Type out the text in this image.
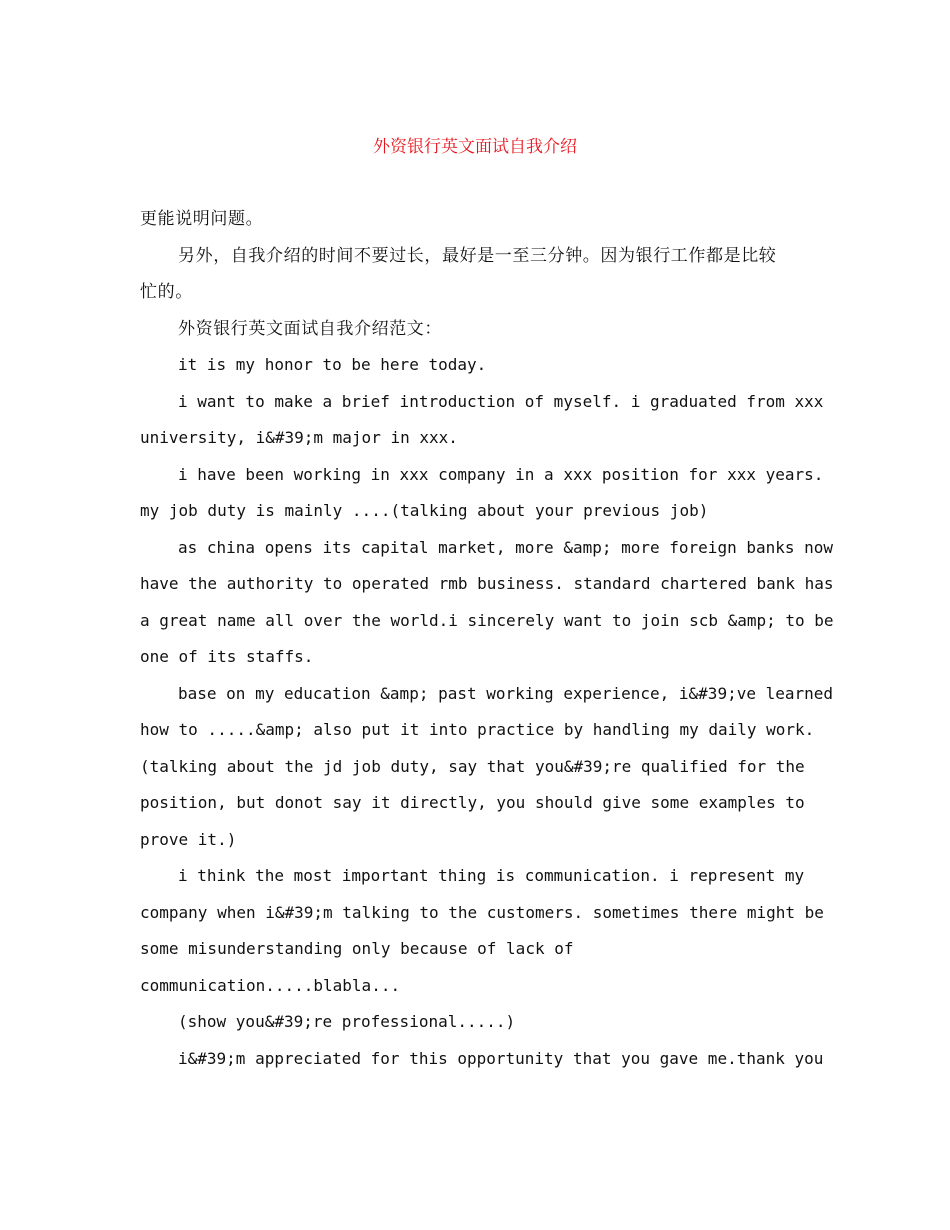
外资银行英文面试自我介绍
更能说明问题。
另外，自我介绍的时间不要过长，最好是一至三分钟。因为银行工作都是比较
忙的。
外资银行英文面试自我介绍范文：
it is my honor to be here today.
i want to make a brief introduction of myself. i graduated from xxx
university, i&#39;m major in xxx.
i have been working in xxx company in a xxx position for xxx years.
my job duty is mainly ....(talking about your previous job)
as china opens its capital market, more &amp; more foreign banks now
have the authority to operated rmb business. standard chartered bank has
a great name all over the world.i sincerely want to join scb &amp; to be
one of its staffs.
base on my education &amp; past working experience, i&#39;ve learned
how to .....&amp; also put it into practice by handling my daily work.
(talking about the jd job duty, say that you&#39;re qualified for the
position, but donot say it directly, you should give some examples to
prove it.)
i think the most important thing is communication. i represent my
company when i&#39;m talking to the customers. sometimes there might be
some misunderstanding only because of lack of
communication.....blabla...
(show you&#39;re professional.....)
i&#39;m appreciated for this opportunity that you gave me.thank you
